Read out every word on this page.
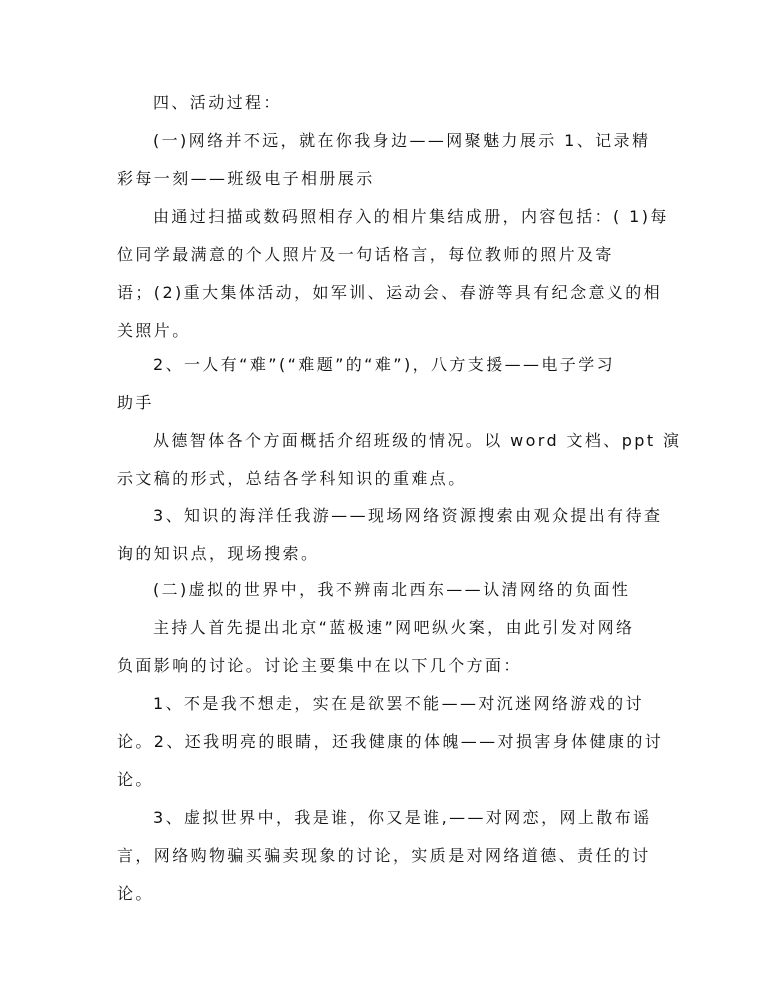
四、活动过程：
(一)网络并不远，就在你我身边——网聚魅力展示 1、记录精
彩每一刻——班级电子相册展示
由通过扫描或数码照相存入的相片集结成册，内容包括：( 1)每
位同学最满意的个人照片及一句话格言，每位教师的照片及寄
语；(2)重大集体活动，如军训、运动会、春游等具有纪念意义的相
关照片。
2、一人有“难”(“难题”的“难”)，八方支援——电子学习
助手
从德智体各个方面概括介绍班级的情况。以 word 文档、ppt 演
示文稿的形式，总结各学科知识的重难点。
3、知识的海洋任我游——现场网络资源搜索由观众提出有待查
询的知识点，现场搜索。
(二)虚拟的世界中，我不辨南北西东——认清网络的负面性
主持人首先提出北京“蓝极速”网吧纵火案，由此引发对网络
负面影响的讨论。讨论主要集中在以下几个方面：
1、不是我不想走，实在是欲罢不能——对沉迷网络游戏的讨
论。2、还我明亮的眼睛，还我健康的体魄——对损害身体健康的讨
论。
3、虚拟世界中，我是谁，你又是谁,——对网恋，网上散布谣
言，网络购物骗买骗卖现象的讨论，实质是对网络道德、责任的讨
论。
